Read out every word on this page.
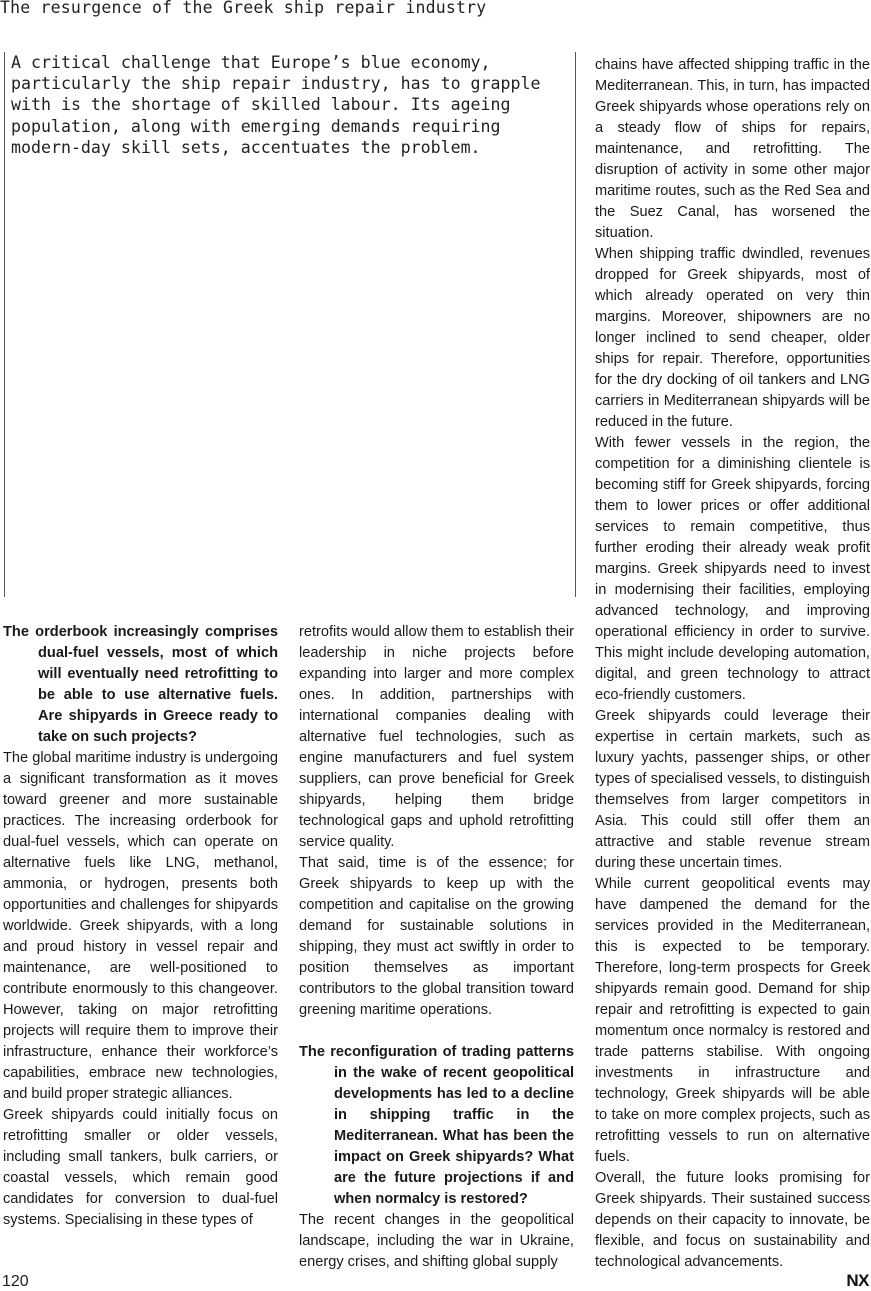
The resurgence of the Greek ship repair industry

A critical challenge that Europe’s blue economy,
particularly the ship repair industry, has to grapple
with is the shortage of skilled labour. Its ageing
population, along with emerging demands requiring
modern-day skill sets, accentuates the problem.

The orderbook increasingly comprises dual-fuel vessels, most of which will eventually need retrofitting to be able to use alternative fuels. Are shipyards in Greece ready to take on such projects?

The global maritime industry is undergoing a significant transformation as it moves toward greener and more sustainable practices. The increasing orderbook for dual-fuel vessels, which can operate on alternative fuels like LNG, methanol, ammonia, or hydrogen, presents both opportunities and challenges for shipyards worldwide. Greek shipyards, with a long and proud history in vessel repair and maintenance, are well-positioned to contribute enormously to this changeover. However, taking on major retrofitting projects will require them to improve their infrastructure, enhance their workforce’s capabilities, embrace new technologies, and build proper strategic alliances.

Greek shipyards could initially focus on retrofitting smaller or older vessels, including small tankers, bulk carriers, or coastal vessels, which remain good candidates for conversion to dual-fuel systems. Specialising in these types of

retrofits would allow them to establish their leadership in niche projects before expanding into larger and more complex ones. In addition, partnerships with international companies dealing with alternative fuel technologies, such as engine manufacturers and fuel system suppliers, can prove beneficial for Greek shipyards, helping them bridge technological gaps and uphold retrofitting service quality.

That said, time is of the essence; for Greek shipyards to keep up with the competition and capitalise on the growing demand for sustainable solutions in shipping, they must act swiftly in order to position themselves as important contributors to the global transition toward greening maritime operations.

The reconfiguration of trading patterns in the wake of recent geopolitical developments has led to a decline in shipping traffic in the Mediterranean. What has been the impact on Greek shipyards? What are the future projections if and when normalcy is restored?

The recent changes in the geopolitical landscape, including the war in Ukraine, energy crises, and shifting global supply

chains have affected shipping traffic in the Mediterranean. This, in turn, has impacted Greek shipyards whose operations rely on a steady flow of ships for repairs, maintenance, and retrofitting. The disruption of activity in some other major maritime routes, such as the Red Sea and the Suez Canal, has worsened the situation.

When shipping traffic dwindled, revenues dropped for Greek shipyards, most of which already operated on very thin margins. Moreover, shipowners are no longer inclined to send cheaper, older ships for repair. Therefore, opportunities for the dry docking of oil tankers and LNG carriers in Mediterranean shipyards will be reduced in the future.

With fewer vessels in the region, the competition for a diminishing clientele is becoming stiff for Greek shipyards, forcing them to lower prices or offer additional services to remain competitive, thus further eroding their already weak profit margins. Greek shipyards need to invest in modernising their facilities, employing advanced technology, and improving operational efficiency in order to survive. This might include developing automation, digital, and green technology to attract eco-friendly customers.

Greek shipyards could leverage their expertise in certain markets, such as luxury yachts, passenger ships, or other types of specialised vessels, to distinguish themselves from larger competitors in Asia. This could still offer them an attractive and stable revenue stream during these uncertain times.

While current geopolitical events may have dampened the demand for the services provided in the Mediterranean, this is expected to be temporary. Therefore, long-term prospects for Greek shipyards remain good. Demand for ship repair and retrofitting is expected to gain momentum once normalcy is restored and trade patterns stabilise. With ongoing investments in infrastructure and technology, Greek shipyards will be able to take on more complex projects, such as retrofitting vessels to run on alternative fuels.

Overall, the future looks promising for Greek shipyards. Their sustained success depends on their capacity to innovate, be flexible, and focus on sustainability and technological advancements.

120	NX
